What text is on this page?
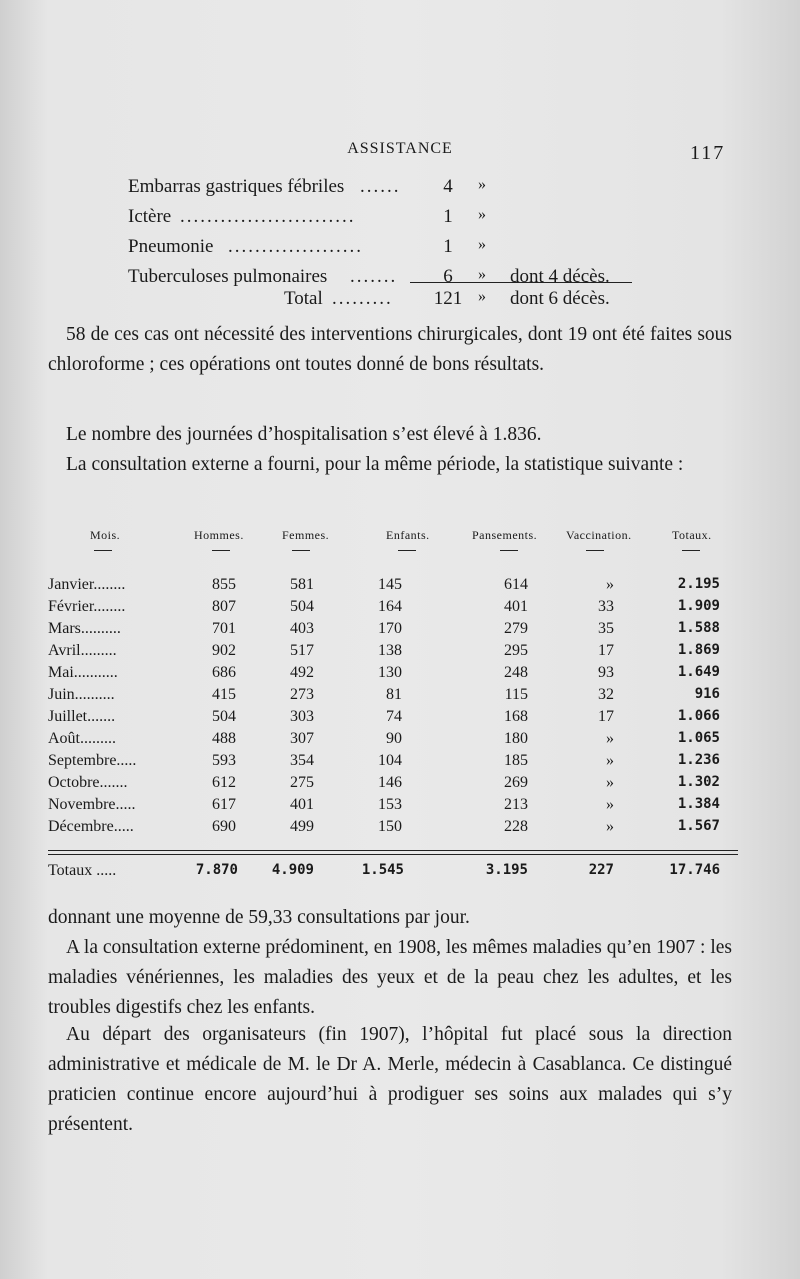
ASSISTANCE	117
Embarras gastriques fébriles ......	4	»
Ictère ..........................	1	»
Pneumonie ....................	1	»
Tuberculoses pulmonaires .......	6	» dont 4 décès.
Total .........	121 » dont 6 décès.

58 de ces cas ont nécessité des interventions chirurgicales, dont 19 ont été faites sous chloroforme ; ces opérations ont toutes donné de bons résultats.

Le nombre des journées d’hospitalisation s’est élevé à 1.836.

La consultation externe a fourni, pour la même période, la statistique suivante :

Mois.	Hommes.	Femmes.	Enfants.	Pansements. Vaccination.	Totaux.
Janvier........	855	581	145	614	»	2.195
Février........	807	504	164	401	33	1.909
Mars..........	701	403	170	279	35	1.588
Avril.........	902	517	138	295	17	1.869
Mai...........	686	492	130	248	93	1.649
Juin..........	415	273	81	115	32	916
Juillet.......	504	303	74	168	17	1.066
Août.........	488	307	90	180	»	1.065
Septembre.....	593	354	104	185	»	1.236
Octobre.......	612	275	146	269	»	1.302
Novembre.....	617	401	153	213	»	1.384
Décembre.....	690	499	150	228	»	1.567
Totaux .....	7.870	4.909	1.545	3.195	227	17.746

donnant une moyenne de 59,33 consultations par jour.

A la consultation externe prédominent, en 1908, les mêmes maladies qu’en 1907 : les maladies vénériennes, les maladies des yeux et de la peau chez les adultes, et les troubles digestifs chez les enfants.

Au départ des organisateurs (fin 1907), l’hôpital fut placé sous la direction administrative et médicale de M. le Dr A. Merle, médecin à Casablanca. Ce distingué praticien continue encore aujourd’hui à prodiguer ses soins aux malades qui s’y présentent.
